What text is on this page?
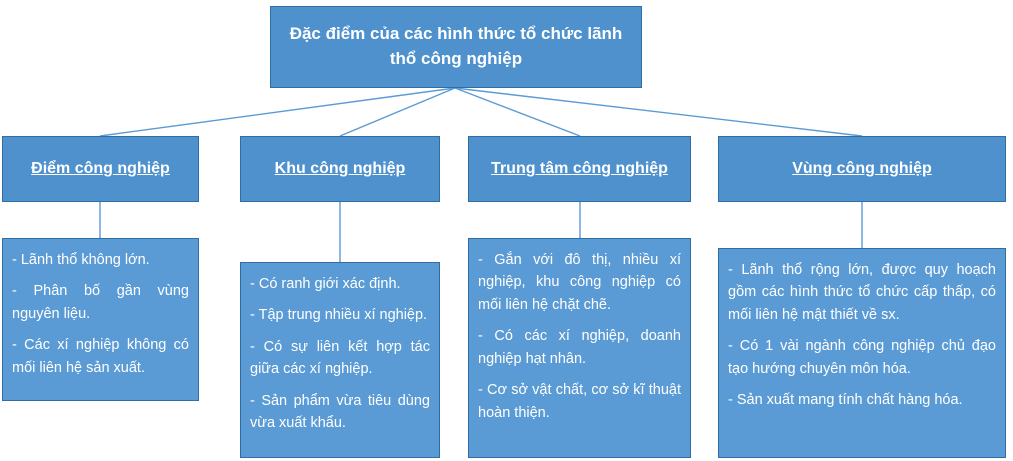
Đặc điểm của các hình thức tổ chức lãnh thổ công nghiệp
Điểm công nghiệp	Khu công nghiệp	Trung tâm công nghiệp	Vùng công nghiệp

- Lãnh thổ không lớn.

- Phân bố gần vùng nguyên liệu.

- Các xí nghiệp không có mối liên hệ sản xuất.

- Có ranh giới xác định.

- Tập trung nhiều xí nghiệp.

- Có sự liên kết hợp tác giữa các xí nghiệp.

- Sản phẩm vừa tiêu dùng vừa xuất khẩu.

- Gắn với đô thị, nhiều xí nghiệp, khu công nghiệp có mối liên hệ chặt chẽ.

- Có các xí nghiệp, doanh nghiệp hạt nhân.

- Cơ sở vật chất, cơ sở kĩ thuật hoàn thiện.

- Lãnh thổ rộng lớn, được quy hoạch gồm các hình thức tổ chức cấp thấp, có mối liên hệ mật thiết về sx.

- Có 1 vài ngành công nghiệp chủ đạo tạo hướng chuyên môn hóa.

- Sản xuất mang tính chất hàng hóa.
